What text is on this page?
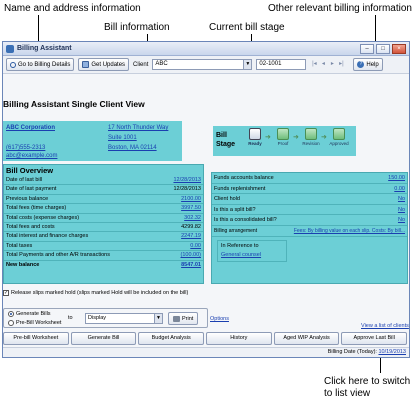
Name and address information
Bill information	Current bill stage
Other relevant billing information
Click here to switch
to list view
Billing Assistant	–	□	×
Go to Billing Details	Get Updates Client	ABC	▼	02-1001	|◂ ◂ ▸ ▸|	? Help
Billing Assistant Single Client View
ABC Corporation	17 North Thunder Way
Suite 1001
(617)555-2313	Boston, MA 02114
abc@example.com
Bill
Stage	Ready
➜
Proof
➜
Revision
➜
Approved
Bill Overview
Date of last bill	12/28/2013
Date of last payment	12/28/2013
Previous balance	2100.00
Total fees (time charges)	3997.50
Total costs (expense charges)	302.32
Total fees and costs	4299.82
Total interest and finance charges	2247.19
Total taxes	0.00
Total Payments and other A/R transactions	(100.00)
New balance	8547.01
Funds accounts balance	150.00
Funds replenishment	0.00
Client hold	No
Is this a split bill?	No
Is this a consolidated bill?	No
Billing arrangement	Fees: By billing value on each slip. Costs: By bill...
In Reference to
General counsel
✓ Release slips marked hold (slips marked Hold will be included on the bill)
Generate Bills
Pre-Bill Worksheet
to	Display	▼	Print	Options
View a list of clients
Pre-bill Worksheet	Generate Bill	Budget Analysis	History	Aged WIP Analysis	Approve Last Bill
Billing Date (Today): 10/19/2013
